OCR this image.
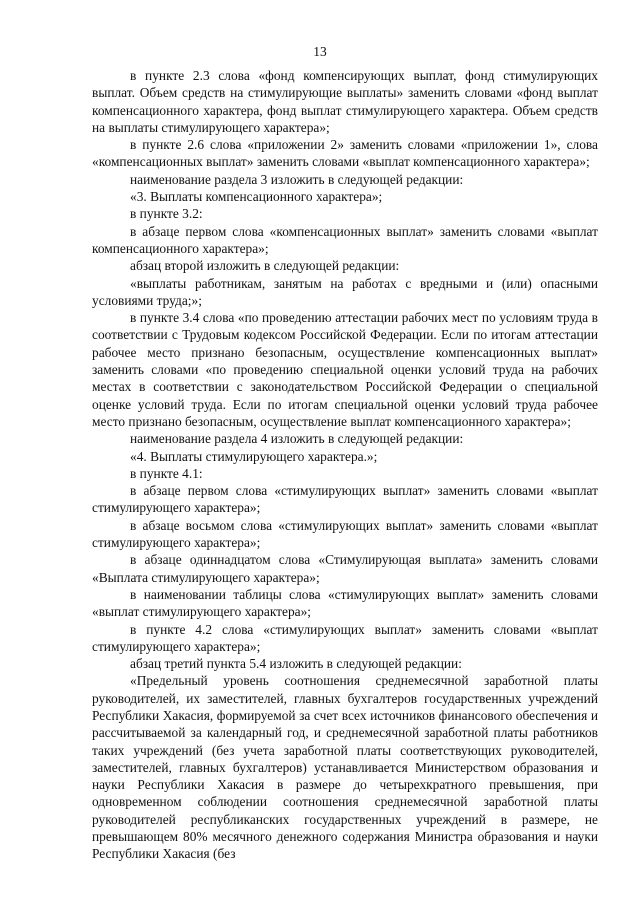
13

в пункте 2.3 слова «фонд компенсирующих выплат, фонд стимулирующих выплат. Объем средств на стимулирующие выплаты» заменить словами «фонд выплат компенсационного характера, фонд выплат стимулирующего характера. Объем средств на выплаты стимулирующего характера»;

в пункте 2.6 слова «приложении 2» заменить словами «приложении 1», слова «компенсационных выплат» заменить словами «выплат компенсационного характера»;

наименование раздела 3 изложить в следующей редакции:

«3. Выплаты компенсационного характера»;

в пункте 3.2:

в абзаце первом слова «компенсационных выплат» заменить словами «выплат компенсационного характера»;

абзац второй изложить в следующей редакции:

«выплаты работникам, занятым на работах с вредными и (или) опасными условиями труда;»;

в пункте 3.4 слова «по проведению аттестации рабочих мест по условиям труда в соответствии с Трудовым кодексом Российской Федерации. Если по итогам аттестации рабочее место признано безопасным, осуществление компенсационных выплат» заменить словами «по проведению специальной оценки условий труда на рабочих местах в соответствии с законодательством Российской Федерации о специальной оценке условий труда. Если по итогам специальной оценки условий труда рабочее место признано безопасным, осуществление выплат компенсационного характера»;

наименование раздела 4 изложить в следующей редакции:

«4. Выплаты стимулирующего характера.»;

в пункте 4.1:

в абзаце первом слова «стимулирующих выплат» заменить словами «выплат стимулирующего характера»;

в абзаце восьмом слова «стимулирующих выплат» заменить словами «выплат стимулирующего характера»;

в абзаце одиннадцатом слова «Стимулирующая выплата» заменить словами «Выплата стимулирующего характера»;

в наименовании таблицы слова «стимулирующих выплат» заменить словами «выплат стимулирующего характера»;

в пункте 4.2 слова «стимулирующих выплат» заменить словами «выплат стимулирующего характера»;

абзац третий пункта 5.4 изложить в следующей редакции:

«Предельный уровень соотношения среднемесячной заработной платы руководителей, их заместителей, главных бухгалтеров государственных учреждений Республики Хакасия, формируемой за счет всех источников финансового обеспечения и рассчитываемой за календарный год, и среднемесячной заработной платы работников таких учреждений (без учета заработной платы соответствующих руководителей, заместителей, главных бухгалтеров) устанавливается Министерством образования и науки Республики Хакасия в размере до четырехкратного превышения, при одновременном соблюдении соотношения среднемесячной заработной платы руководителей республиканских государственных учреждений в размере, не превышающем 80% месячного денежного содержания Министра образования и науки Республики Хакасия (без
